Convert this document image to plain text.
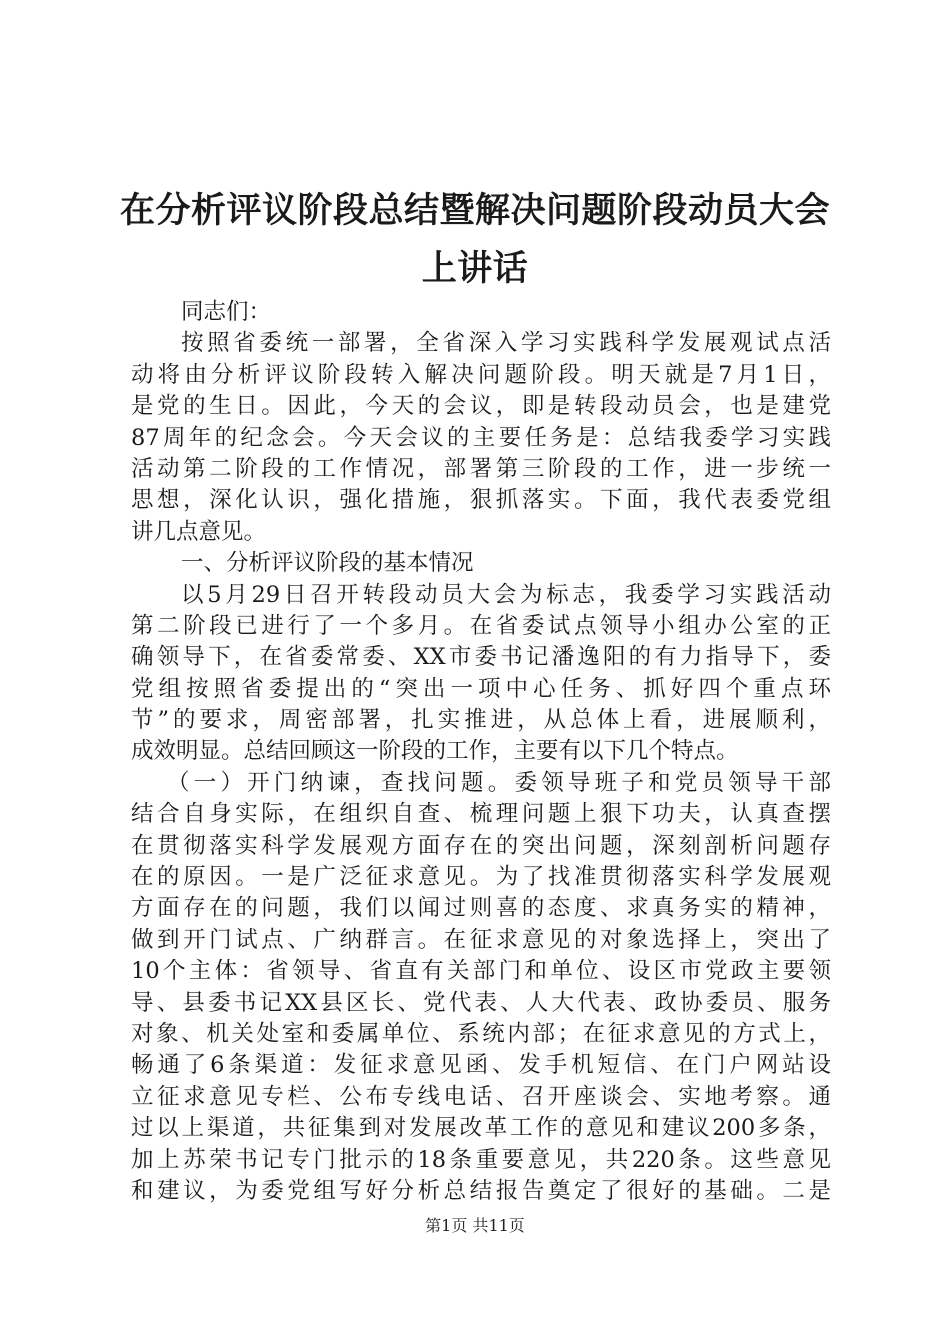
在分析评议阶段总结暨解决问题阶段动员大会
上讲话
同志们：
按照省委统一部署，全省深入学习实践科学发展观试点活
动将由分析评议阶段转入解决问题阶段。明天就是7月1日，
是党的生日。因此，今天的会议，即是转段动员会，也是建党
87周年的纪念会。今天会议的主要任务是：总结我委学习实践
活动第二阶段的工作情况，部署第三阶段的工作，进一步统一
思想，深化认识，强化措施，狠抓落实。下面，我代表委党组
讲几点意见。
一、分析评议阶段的基本情况
以5月29日召开转段动员大会为标志，我委学习实践活动
第二阶段已进行了一个多月。在省委试点领导小组办公室的正
确领导下，在省委常委、XX市委书记潘逸阳的有力指导下，委
党组按照省委提出的“突出一项中心任务、抓好四个重点环
节”的要求，周密部署，扎实推进，从总体上看，进展顺利，
成效明显。总结回顾这一阶段的工作，主要有以下几个特点。
（一）开门纳谏，查找问题。委领导班子和党员领导干部
结合自身实际，在组织自查、梳理问题上狠下功夫，认真查摆
在贯彻落实科学发展观方面存在的突出问题，深刻剖析问题存
在的原因。一是广泛征求意见。为了找准贯彻落实科学发展观
方面存在的问题，我们以闻过则喜的态度、求真务实的精神，
做到开门试点、广纳群言。在征求意见的对象选择上，突出了
10个主体：省领导、省直有关部门和单位、设区市党政主要领
导、县委书记XX县区长、党代表、人大代表、政协委员、服务
对象、机关处室和委属单位、系统内部；在征求意见的方式上，
畅通了6条渠道：发征求意见函、发手机短信、在门户网站设
立征求意见专栏、公布专线电话、召开座谈会、实地考察。通
过以上渠道，共征集到对发展改革工作的意见和建议200多条，
加上苏荣书记专门批示的18条重要意见，共220条。这些意见
和建议，为委党组写好分析总结报告奠定了很好的基础。二是
第1页 共11页
